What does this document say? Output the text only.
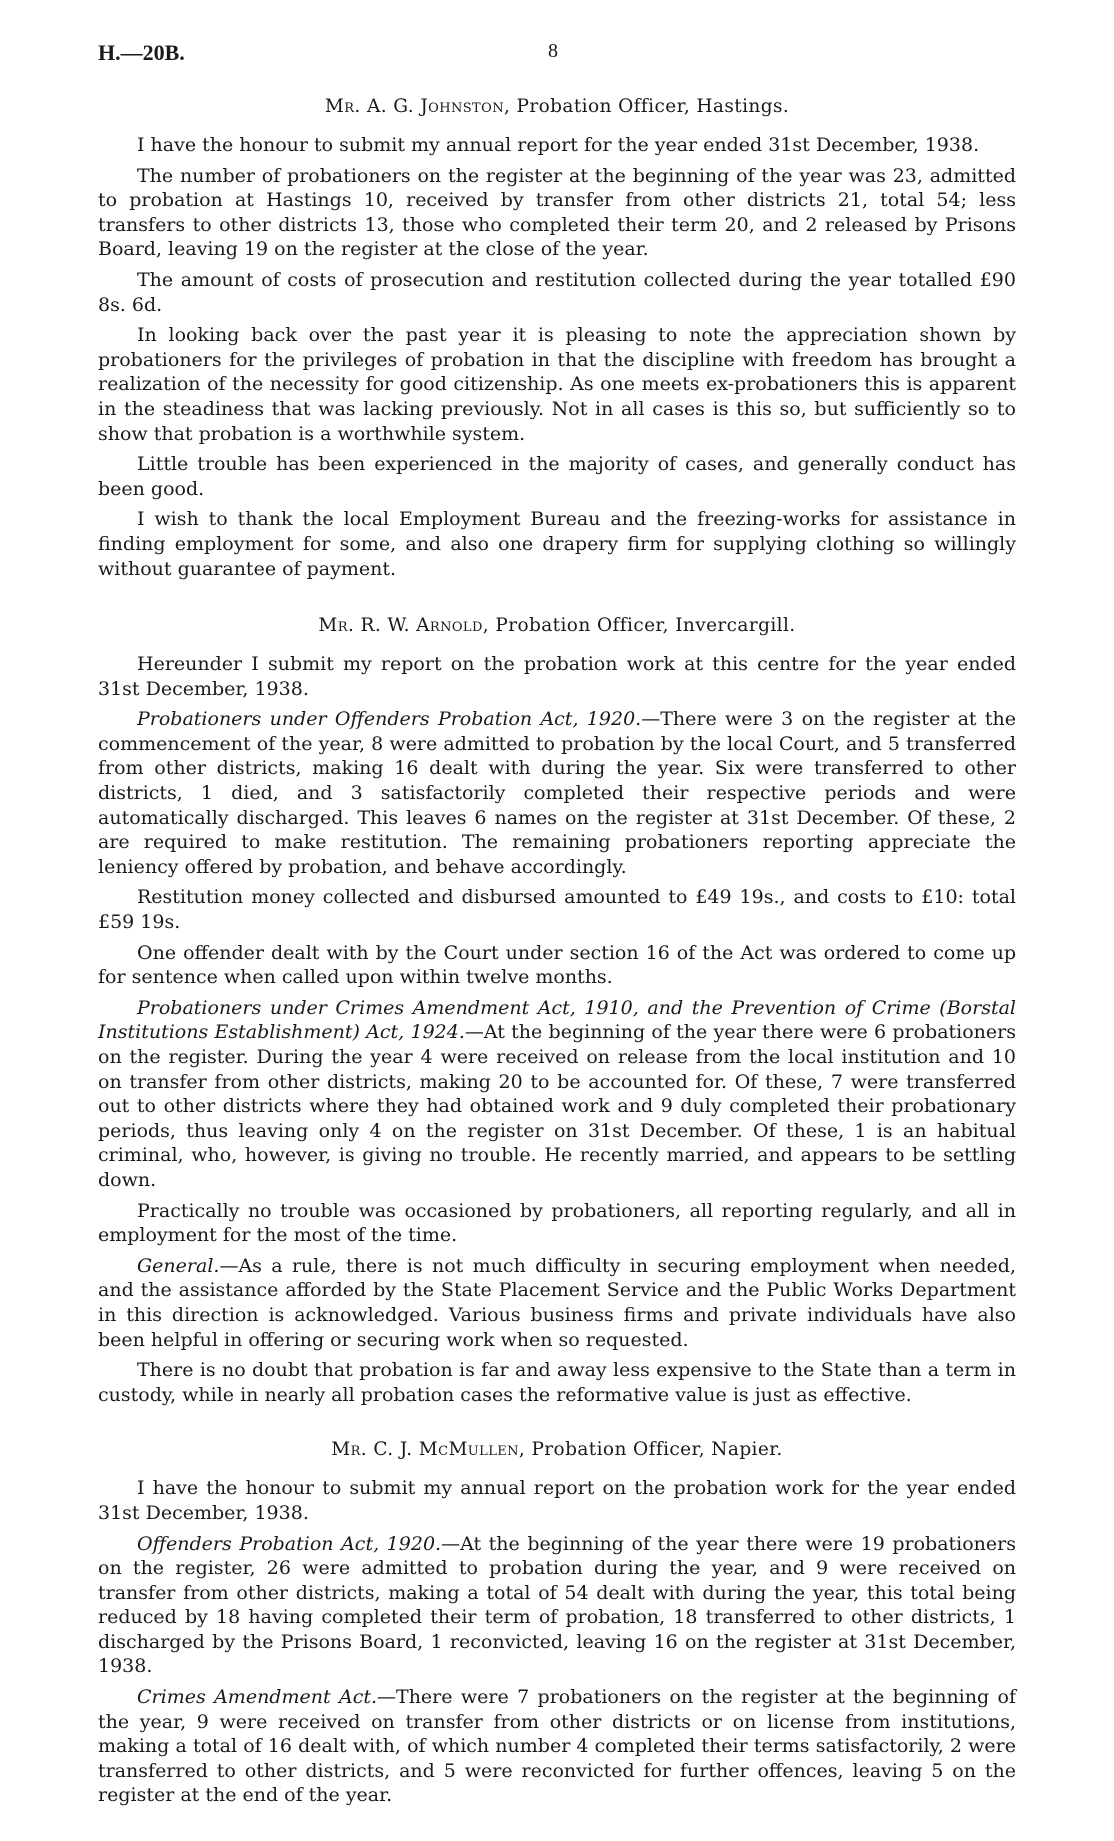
H.—20B.	8
Mr. A. G. Johnston, Probation Officer, Hastings.

I have the honour to submit my annual report for the year ended 31st December, 1938.

The number of probationers on the register at the beginning of the year was 23, admitted to probation at Hastings 10, received by transfer from other districts 21, total 54; less transfers to other districts 13, those who completed their term 20, and 2 released by Prisons Board, leaving 19 on the register at the close of the year.

The amount of costs of prosecution and restitution collected during the year totalled £90 8s. 6d.

In looking back over the past year it is pleasing to note the appreciation shown by probationers for the privileges of probation in that the discipline with freedom has brought a realization of the necessity for good citizenship. As one meets ex-probationers this is apparent in the steadiness that was lacking previously. Not in all cases is this so, but sufficiently so to show that probation is a worthwhile system.

Little trouble has been experienced in the majority of cases, and generally conduct has been good.

I wish to thank the local Employment Bureau and the freezing-works for assistance in finding employment for some, and also one drapery firm for supplying clothing so willingly without guarantee of payment.

Mr. R. W. Arnold, Probation Officer, Invercargill.

Hereunder I submit my report on the probation work at this centre for the year ended 31st December, 1938.

Probationers under Offenders Probation Act, 1920.—There were 3 on the register at the commencement of the year, 8 were admitted to probation by the local Court, and 5 transferred from other districts, making 16 dealt with during the year. Six were transferred to other districts, 1 died, and 3 satisfactorily completed their respective periods and were automatically discharged. This leaves 6 names on the register at 31st December. Of these, 2 are required to make restitution. The remaining probationers reporting appreciate the leniency offered by probation, and behave accordingly.

Restitution money collected and disbursed amounted to £49 19s., and costs to £10: total £59 19s.

One offender dealt with by the Court under section 16 of the Act was ordered to come up for sentence when called upon within twelve months.

Probationers under Crimes Amendment Act, 1910, and the Prevention of Crime (Borstal Institutions Establishment) Act, 1924.—At the beginning of the year there were 6 probationers on the register. During the year 4 were received on release from the local institution and 10 on transfer from other districts, making 20 to be accounted for. Of these, 7 were transferred out to other districts where they had obtained work and 9 duly completed their probationary periods, thus leaving only 4 on the register on 31st December. Of these, 1 is an habitual criminal, who, however, is giving no trouble. He recently married, and appears to be settling down.

Practically no trouble was occasioned by probationers, all reporting regularly, and all in employment for the most of the time.

General.—As a rule, there is not much difficulty in securing employment when needed, and the assistance afforded by the State Placement Service and the Public Works Department in this direction is acknowledged. Various business firms and private individuals have also been helpful in offering or securing work when so requested.

There is no doubt that probation is far and away less expensive to the State than a term in custody, while in nearly all probation cases the reformative value is just as effective.

Mr. C. J. McMullen, Probation Officer, Napier.

I have the honour to submit my annual report on the probation work for the year ended 31st December, 1938.

Offenders Probation Act, 1920.—At the beginning of the year there were 19 probationers on the register, 26 were admitted to probation during the year, and 9 were received on transfer from other districts, making a total of 54 dealt with during the year, this total being reduced by 18 having completed their term of probation, 18 transferred to other districts, 1 discharged by the Prisons Board, 1 reconvicted, leaving 16 on the register at 31st December, 1938.

Crimes Amendment Act.—There were 7 probationers on the register at the beginning of the year, 9 were received on transfer from other districts or on license from institutions, making a total of 16 dealt with, of which number 4 completed their terms satisfactorily, 2 were transferred to other districts, and 5 were reconvicted for further offences, leaving 5 on the register at the end of the year.
